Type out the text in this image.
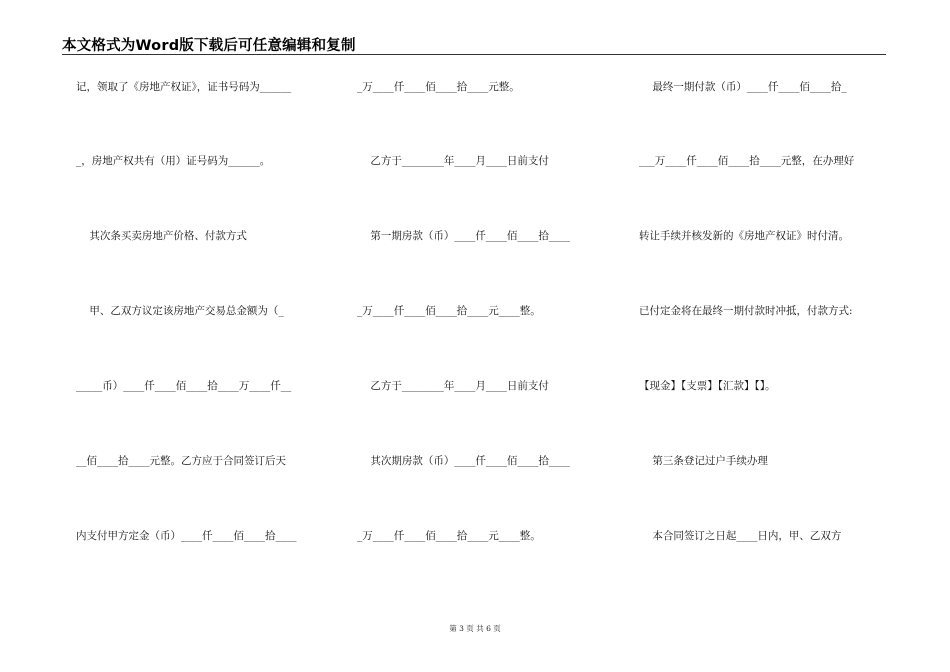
本文格式为Word版下载后可任意编辑和复制
记，领取了《房地产权证》，证书号码为______
_，房地产权共有（用）证号码为______。
其次条买卖房地产价格、付款方式
甲、乙双方议定该房地产交易总金额为（_
_____币）____仟____佰____拾____万____仟__
__佰____拾____元整。乙方应于合同签订后天
内支付甲方定金（币）____仟____佰____拾____
_万____仟____佰____拾____元整。
乙方于________年____月____日前支付
第一期房款（币）____仟____佰____拾____
_万____仟____佰____拾____元____整。
乙方于________年____月____日前支付
其次期房款（币）____仟____佰____拾____
_万____仟____佰____拾____元____整。
最终一期付款（币）____仟____佰____拾_
___万____仟____佰____拾____元整，在办理好
转让手续并核发新的《房地产权证》时付清。
已付定金将在最终一期付款时冲抵，付款方式:
【现金】【支票】【汇款】【】。
第三条登记过户手续办理
本合同签订之日起____日内，甲、乙双方
第 3 页 共 6 页
